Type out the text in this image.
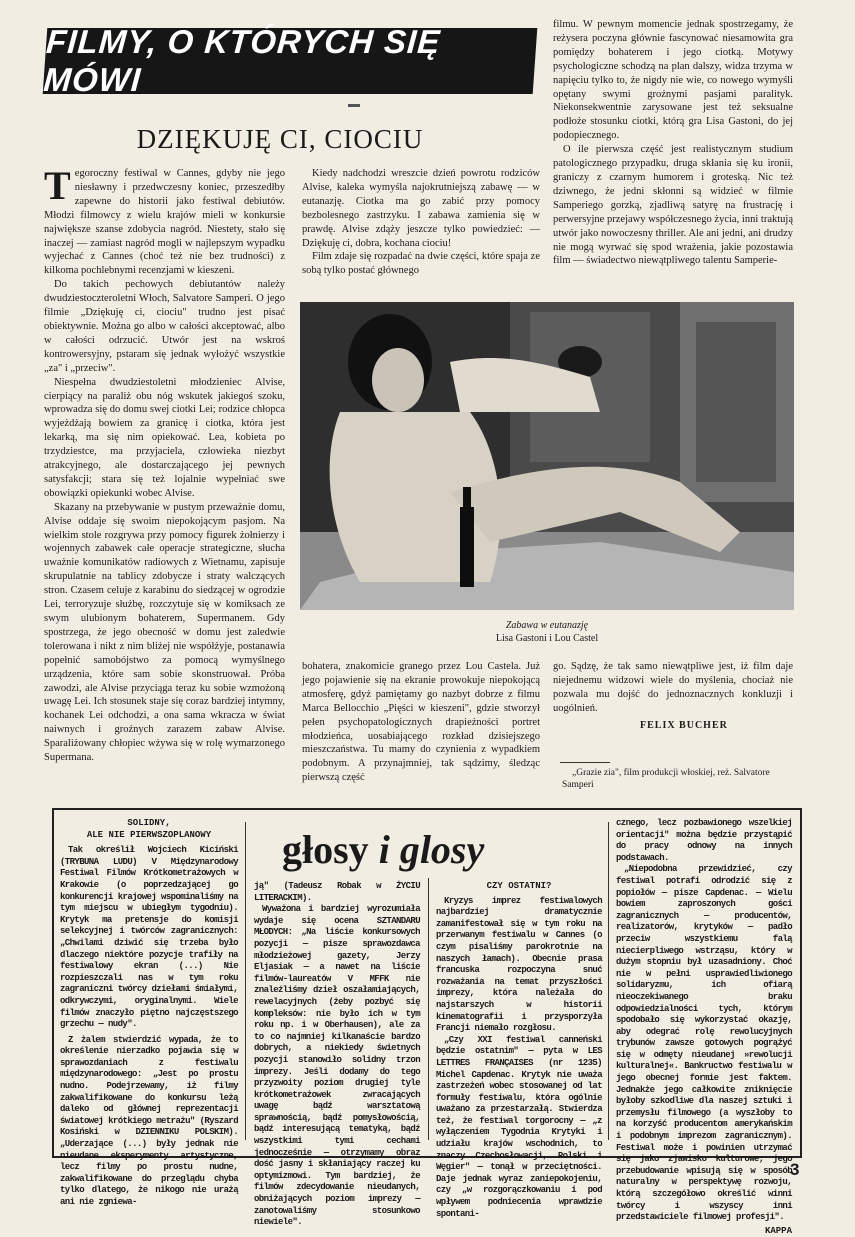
FILMY, O KTÓRYCH SIĘ MÓWI
DZIĘKUJĘ CI, CIOCIU

Tegoroczny festiwal w Cannes, gdyby nie jego niesławny i przedwczesny koniec, przeszedłby zapewne do historii jako festiwal debiutów. Młodzi filmowcy z wielu krajów mieli w konkursie największe szanse zdobycia nagród. Niestety, stało się inaczej — zamiast nagród mogli w najlepszym wypadku wyjechać z Cannes (choć też nie bez trudności) z kilkoma pochlebnymi recenzjami w kieszeni.

Do takich pechowych debiutantów należy dwudziestoczteroletni Włoch, Salvatore Samperi. O jego filmie „Dziękuję ci, ciociu" trudno jest pisać obiektywnie. Można go albo w całości akceptować, albo w całości odrzucić. Utwór jest na wskroś kontrowersyjny, pstaram się jednak wyłożyć wszystkie „za" i „przeciw".

Niespełna dwudziestoletni młodzieniec Alvise, cierpiący na paraliż obu nóg wskutek jakiegoś szoku, wprowadza się do domu swej ciotki Lei; rodzice chłopca wyjeżdżają bowiem za granicę i ciotka, która jest lekarką, ma się nim opiekować. Lea, kobieta po trzydziestce, ma przyjaciela, człowieka niezbyt atrakcyjnego, ale dostarczającego jej pewnych satysfakcji; stara się też lojalnie wypełniać swe obowiązki opiekunki wobec Alvise.

Skazany na przebywanie w pustym przeważnie domu, Alvise oddaje się swoim niepokojącym pasjom. Na wielkim stole rozgrywa przy pomocy figurek żołnierzy i wojennych zabawek całe operacje strategiczne, słucha uważnie komunikatów radiowych z Wietnamu, zapisuje skrupulatnie na tablicy zdobycze i straty walczących stron. Czasem celuje z karabinu do siedzącej w ogrodzie Lei, terroryzuje służbę, rozczytuje się w komiksach ze swym ulubionym bohaterem, Supermanem. Gdy spostrzega, że jego obecność w domu jest zaledwie tolerowana i nikt z nim bliżej nie współżyje, postanawia popełnić samobójstwo za pomocą wymyślnego urządzenia, które sam sobie skonstruował. Próba zawodzi, ale Alvise przyciąga teraz ku sobie wzmożoną uwagę Lei. Ich stosunek staje się coraz bardziej intymny, kochanek Lei odchodzi, a ona sama wkracza w świat naiwnych i groźnych zarazem zabaw Alvise. Sparaliżowany chłopiec wżywa się w rolę wymarzonego Supermana.

Kiedy nadchodzi wreszcie dzień powrotu rodziców Alvise, kaleka wymyśla najokrutniejszą zabawę — w eutanazję. Ciotka ma go zabić przy pomocy bezbolesnego zastrzyku. I zabawa zamienia się w prawdę. Alvise zdąży jeszcze tylko powiedzieć: — Dziękuję ci, dobra, kochana ciociu!

Film zdaje się rozpadać na dwie części, które spaja ze sobą tylko postać głównego

filmu. W pewnym momencie jednak spostrzegamy, że reżysera poczyna głównie fascynować niesamowita gra pomiędzy bohaterem i jego ciotką. Motywy psychologiczne schodzą na plan dalszy, widza trzyma w napięciu tylko to, że nigdy nie wie, co nowego wymyśli opętany swymi groźnymi pasjami paralityk. Niekonsekwentnie zarysowane jest też seksualne podłoże stosunku ciotki, którą gra Lisa Gastoni, do jej podopiecznego.

O ile pierwsza część jest realistycznym studium patologicznego przypadku, druga skłania się ku ironii, graniczy z czarnym humorem i groteską. Nic też dziwnego, że jedni skłonni są widzieć w filmie Samperiego gorzką, zjadliwą satyrę na frustrację i perwersyjne przejawy współczesnego życia, inni traktują utwór jako nowoczesny thriller. Ale ani jedni, ani drudzy nie mogą wyrwać się spod wrażenia, jakie pozostawia film — świadectwo niewątpliwego talentu Samperie-

Zabawa w eutanazję
Lisa Gastoni i Lou Castel

bohatera, znakomicie granego przez Lou Castela. Już jego pojawienie się na ekranie prowokuje niepokojącą atmosferę, gdyż pamiętamy go nazbyt dobrze z filmu Marca Bellocchio „Pięści w kieszeni", gdzie stworzył pełen psychopatologicznych drapieżności portret młodzieńca, uosabiającego rozkład dzisiejszego mieszczaństwa. Tu mamy do czynienia z wypadkiem podobnym. A przynajmniej, tak sądzimy, śledząc pierwszą część

go. Sądzę, że tak samo niewątpliwe jest, iż film daje niejednemu widzowi wiele do myślenia, chociaż nie pozwala mu dojść do jednoznacznych konkluzji i uogólnień.

FELIX BUCHER
„Grazie zia", film produkcji włoskiej, reż. Salvatore Samperi
głosy i glosy
SOLIDNY,
ALE NIE PIERWSZOPLANOWY

Tak określił Wojciech Kiciński (TRYBUNA LUDU) V Międzynarodowy Festiwal Filmów Krótkometrażowych w Krakowie (o poprzedzającej go konkurencji krajowej wspominaliśmy na tym miejscu w ubiegłym tygodniu). Krytyk ma pretensje do komisji selekcyjnej i twórców zagranicznych: „Chwilami dziwić się trzeba było dlaczego niektóre pozycje trafiły na festiwalowy ekran (...) Nie rozpieszczali nas w tym roku zagraniczni twórcy dziełami śmiałymi, odkrywczymi, oryginalnymi. Wiele filmów znaczyło piętno najczęstszego grzechu — nudy".

Z żalem stwierdzić wypada, że to określenie nierzadko pojawia się w sprawozdaniach z festiwalu międzynarodowego: „Jest po prostu nudno. Podejrzewamy, iż filmy zakwalifikowane do konkursu leżą daleko od głównej reprezentacji światowej krótkiego metrażu" (Ryszard Kosiński w DZIENNIKU POLSKIM). „Uderzające (...) były jednak nie nieudane eksperymenty artystyczne, lecz filmy po prostu nudne, zakwalifikowane do przeglądu chyba tylko dlatego, że nikogo nie urażą ani nie zgniewa-

ją" (Tadeusz Robak w ŻYCIU LITERACKIM).

Wyważona i bardziej wyrozumiała wydaje się ocena SZTANDARU MŁODYCH: „Na liście konkursowych pozycji — pisze sprawozdawca młodzieżowej gazety, Jerzy Eljasiak — a nawet na liście filmów-laureatów V MFFK nie znaleźliśmy dzieł oszałamiających, rewelacyjnych (żeby pozbyć się kompleksów: nie było ich w tym roku np. i w Oberhausen), ale za to co najmniej kilkanaście bardzo dobrych, a niekiedy świetnych pozycji stanowiło solidny trzon imprezy. Jeśli dodamy do tego przyzwoity poziom drugiej tyle krótkometrażowek zwracających uwagę bądź warsztatową sprawnością, bądź pomysłowością, bądź interesującą tematyką, bądź wszystkimi tymi cechami jednocześnie — otrzymamy obraz dość jasny i skłaniający raczej ku optymizmowi. Tym bardziej, że filmów zdecydowanie nieudanych, obniżających poziom imprezy — zanotowaliśmy stosunkowo niewiele".

CZY OSTATNI?

Kryzys imprez festiwalowych najbardziej dramatycznie zamanifestował się w tym roku na przerwanym festiwalu w Cannes (o czym pisaliśmy parokrotnie na naszych łamach). Obecnie prasa francuska rozpoczyna snuć rozważania na temat przyszłości imprezy, która należała do najstarszych w historii kinematografii i przysporzyła Francji niemało rozgłosu.

„Czy XXI festiwal canneński będzie ostatnim" — pyta w LES LETTRES FRANÇAISES (nr 1235) Michel Capdenac. Krytyk nie uważa zastrzeżeń wobec stosowanej od lat formuły festiwalu, która ogólnie uważano za przestarzałą. Stwierdza też, że festiwal torgorocny — „z wyłączeniem Tygodnia Krytyki i udziału krajów wschodnich, to znaczy Czechosłowacji, Polski i Węgier" — tonął w przeciętności. Daje jednak wyraz zaniepokojeniu, czy „w rozgorączkowaniu i pod wpływem podniecenia wprawdzie spontani-

cznego, lecz pozbawionego wszelkiej orientacji" można będzie przystąpić do pracy odnowy na innych podstawach.

„Niepodobna przewidzieć, czy festiwal potrafi odrodzić się z popiołów — pisze Capdenac. — Wielu bowiem zaproszonych gości zagranicznych — producentów, realizatorów, krytyków — padło przeciw wszystkiemu falą niecierpliwego wstrząsu, który w dużym stopniu był uzasadniony. Choć nie w pełni usprawiedliwionego solidaryzmu, ich ofiarą nieoczekiwanego braku odpowiedzialności tych, którym spodobało się wykorzystać okazję, aby odegrać rolę rewolucyjnych trybunów zawsze gotowych pogrążyć się w odmęty nieudanej »rewolucji kulturalnej«. Bankructwo festiwalu w jego obecnej formie jest faktem. Jednakże jego całkowite zniknięcie byłoby szkodliwe dla naszej sztuki i przemysłu filmowego (a wyszłoby to na korzyść producentom amerykańskim i podobnym imprezom zagranicznym). Festiwal może i powinien utrzymać się jako zjawisko kulturowe; jego przebudowanie wpisują się w sposób naturalny w perspektywę rozwoju, którą szczegółowo określić winni twórcy i wszyscy inni przedstawiciele filmowej profesji".

KAPPA
3
